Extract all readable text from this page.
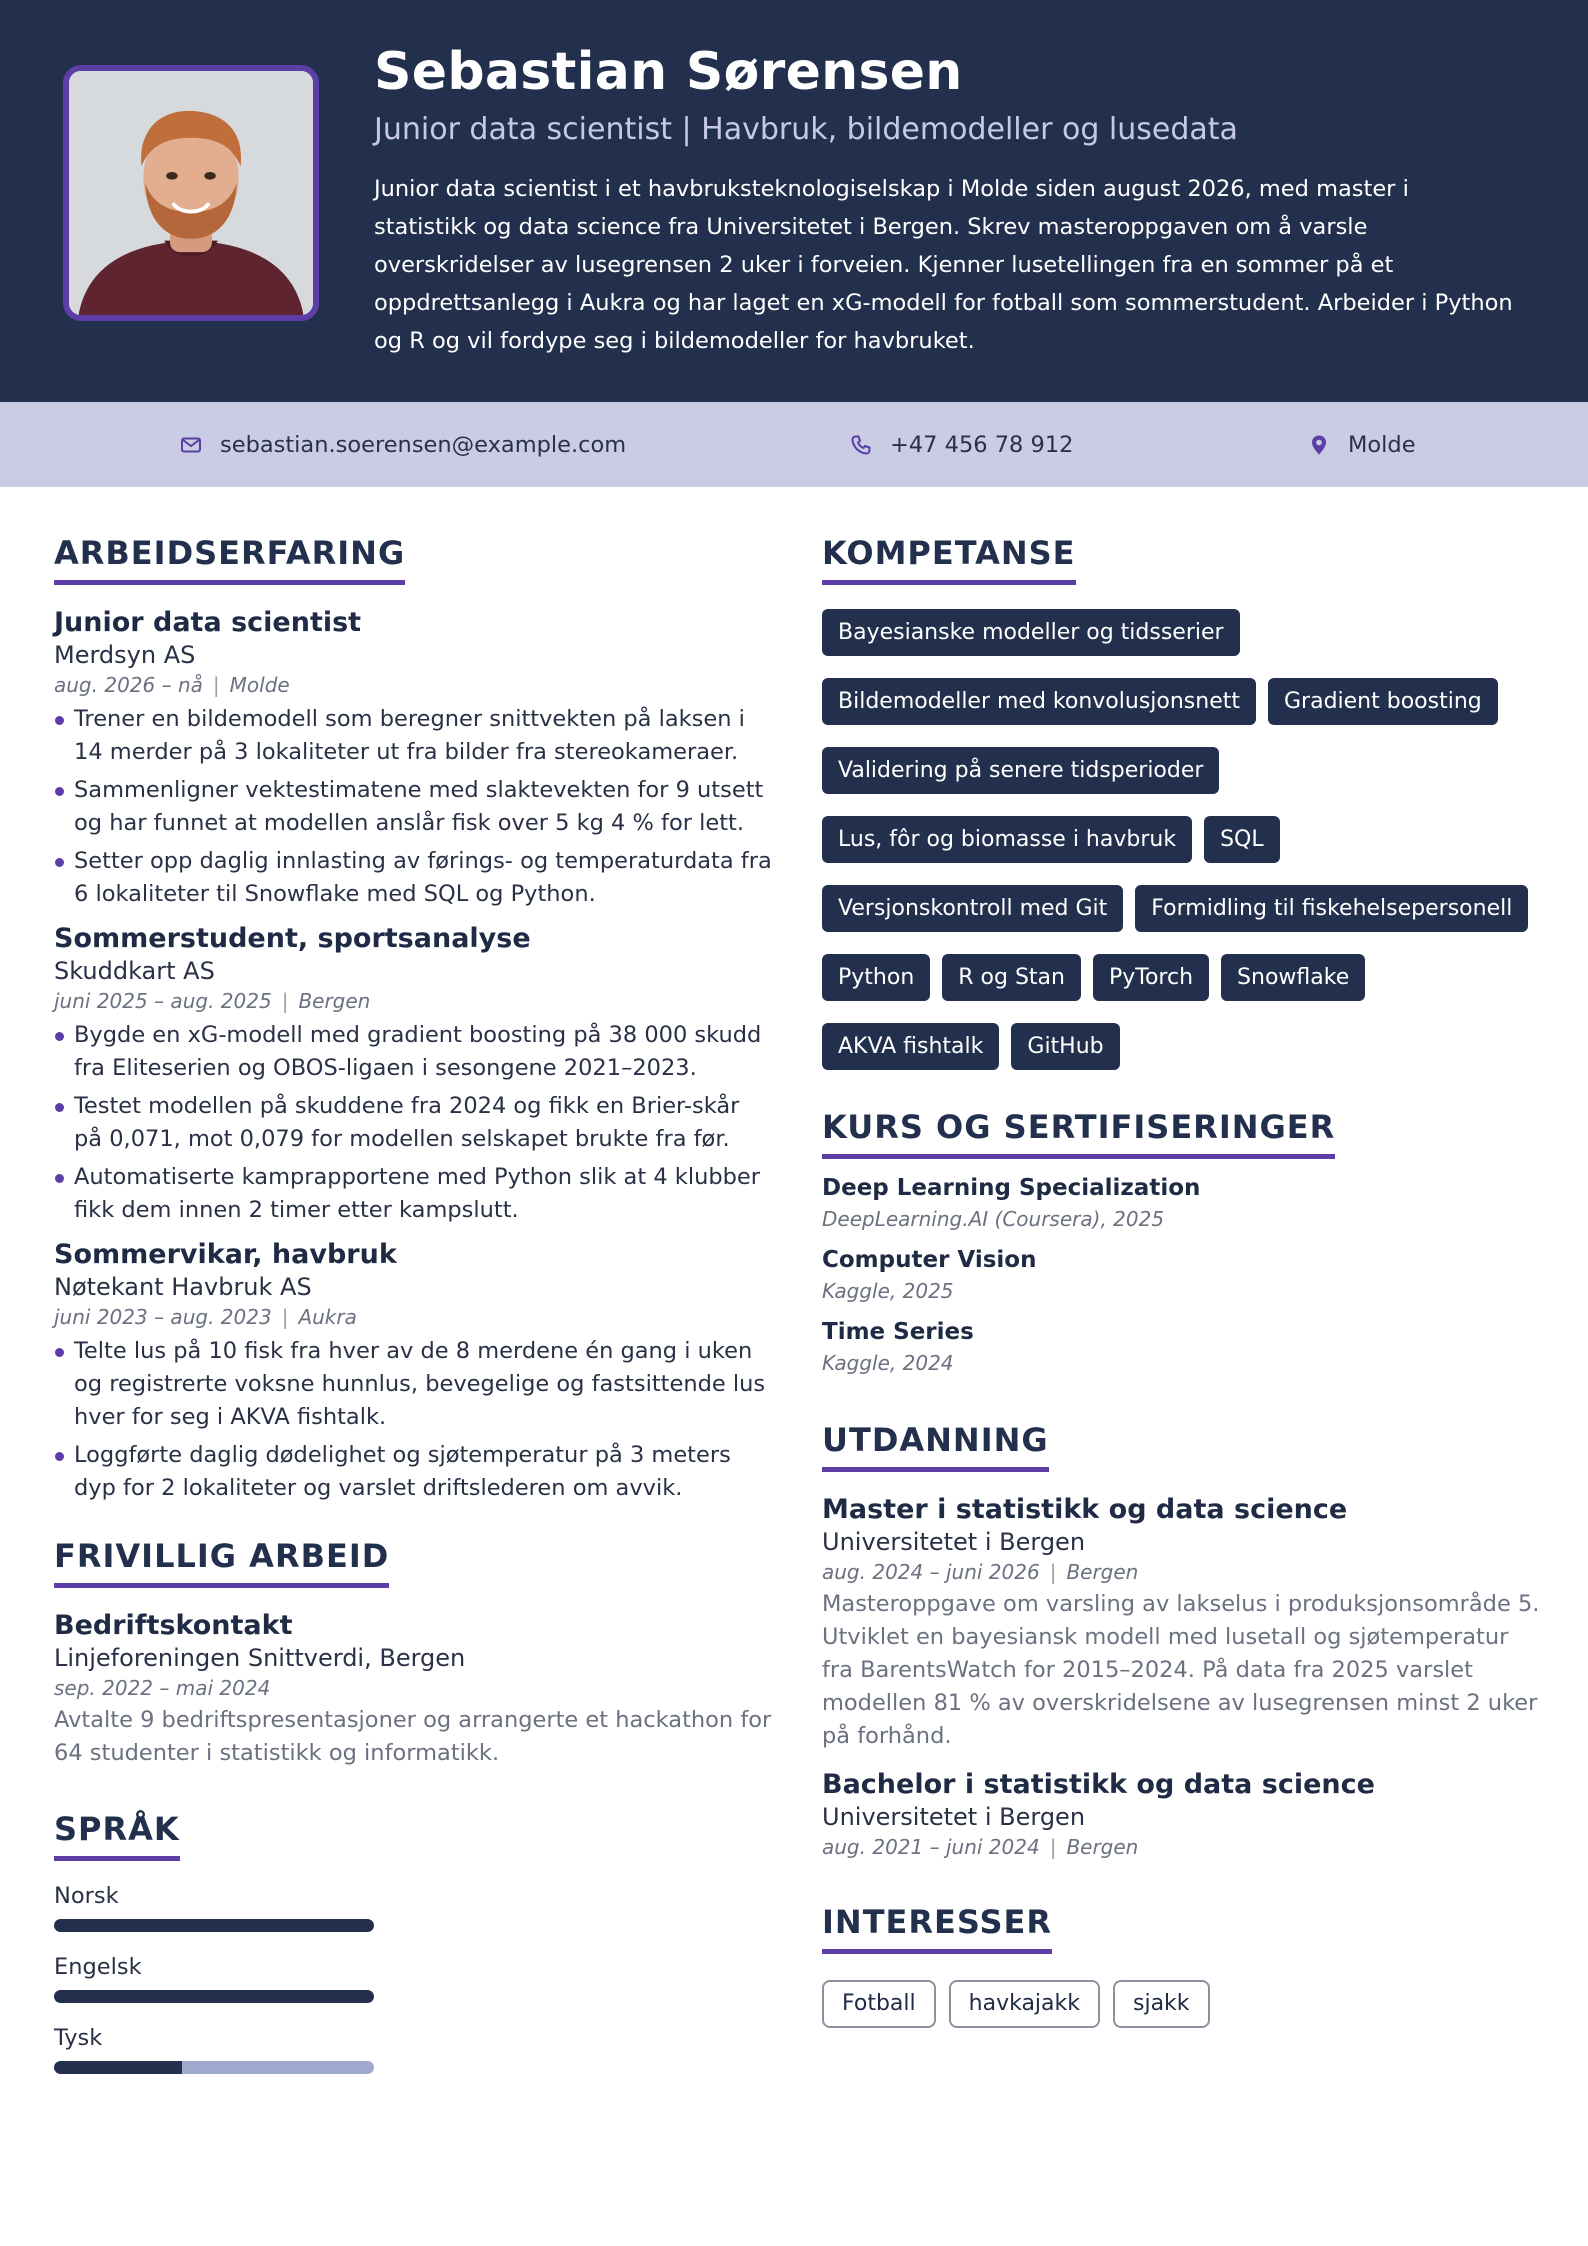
Sebastian Sørensen
Junior data scientist | Havbruk, bildemodeller og lusedata
Junior data scientist i et havbruksteknologiselskap i Molde siden august 2026, med master i statistikk og data science fra Universitetet i Bergen. Skrev masteroppgaven om å varsle overskridelser av lusegrensen 2 uker i forveien. Kjenner lusetellingen fra en sommer på et oppdrettsanlegg i Aukra og har laget en xG-modell for fotball som sommerstudent. Arbeider i Python og R og vil fordype seg i bildemodeller for havbruket.
sebastian.soerensen@example.com	+47 456 78 912	Molde
ARBEIDSERFARING
Junior data scientist
Merdsyn AS
aug. 2026 – nå | Molde
Trener en bildemodell som beregner snittvekten på laksen i 14 merder på 3 lokaliteter ut fra bilder fra stereokameraer.
Sammenligner vektestimatene med slaktevekten for 9 utsett og har funnet at modellen anslår fisk over 5 kg 4 % for lett.
Setter opp daglig innlasting av førings- og temperaturdata fra 6 lokaliteter til Snowflake med SQL og Python.
Sommerstudent, sportsanalyse
Skuddkart AS
juni 2025 – aug. 2025 | Bergen
Bygde en xG-modell med gradient boosting på 38 000 skudd fra Eliteserien og OBOS-ligaen i sesongene 2021–2023.
Testet modellen på skuddene fra 2024 og fikk en Brier-skår på 0,071, mot 0,079 for modellen selskapet brukte fra før.
Automatiserte kamprapportene med Python slik at 4 klubber fikk dem innen 2 timer etter kampslutt.
Sommervikar, havbruk
Nøtekant Havbruk AS
juni 2023 – aug. 2023 | Aukra
Telte lus på 10 fisk fra hver av de 8 merdene én gang i uken og registrerte voksne hunnlus, bevegelige og fastsittende lus hver for seg i AKVA fishtalk.
Loggførte daglig dødelighet og sjøtemperatur på 3 meters dyp for 2 lokaliteter og varslet driftslederen om avvik.
FRIVILLIG ARBEID
Bedriftskontakt
Linjeforeningen Snittverdi, Bergen
sep. 2022 – mai 2024
Avtalte 9 bedriftspresentasjoner og arrangerte et hackathon for 64 studenter i statistikk og informatikk.
SPRÅK
Norsk
Engelsk
Tysk
KOMPETANSE
Bayesianske modeller og tidsserier
Bildemodeller med konvolusjonsnett	Gradient boosting
Validering på senere tidsperioder
Lus, fôr og biomasse i havbruk	SQL
Versjonskontroll med Git	Formidling til fiskehelsepersonell
Python	R og Stan	PyTorch	Snowflake
AKVA fishtalk	GitHub
KURS OG SERTIFISERINGER
Deep Learning Specialization
DeepLearning.AI (Coursera), 2025
Computer Vision
Kaggle, 2025
Time Series
Kaggle, 2024
UTDANNING
Master i statistikk og data science
Universitetet i Bergen
aug. 2024 – juni 2026 | Bergen
Masteroppgave om varsling av lakselus i produksjonsområde 5. Utviklet en bayesiansk modell med lusetall og sjøtemperatur fra BarentsWatch for 2015–2024. På data fra 2025 varslet modellen 81 % av overskridelsene av lusegrensen minst 2 uker på forhånd.
Bachelor i statistikk og data science
Universitetet i Bergen
aug. 2021 – juni 2024 | Bergen
INTERESSER
Fotball	havkajakk	sjakk
